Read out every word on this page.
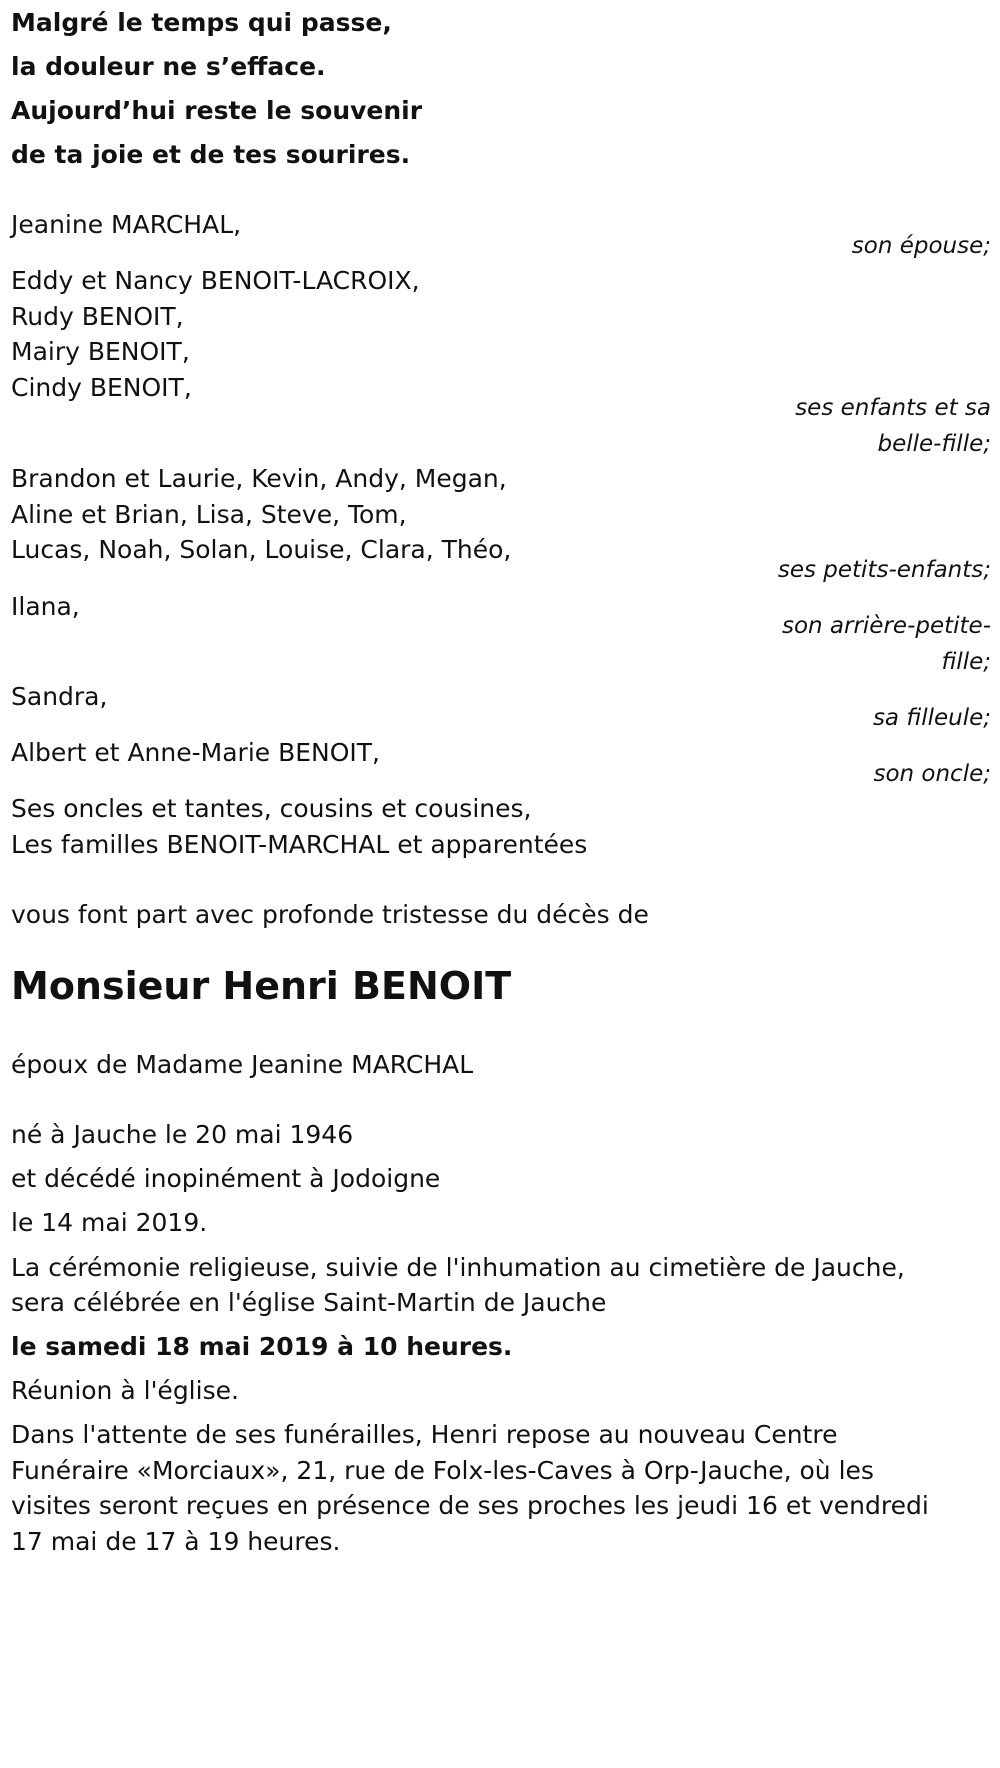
Malgré le temps qui passe,
la douleur ne s’efface.
Aujourd’hui reste le souvenir
de ta joie et de tes sourires.
Jeanine MARCHAL,
son épouse;
Eddy et Nancy BENOIT-LACROIX,
Rudy BENOIT,
Mairy BENOIT,
Cindy BENOIT,
ses enfants et sa
belle-fille;
Brandon et Laurie, Kevin, Andy, Megan,
Aline et Brian, Lisa, Steve, Tom,
Lucas, Noah, Solan, Louise, Clara, Théo,
ses petits-enfants;
Ilana,
son arrière-petite-
fille;
Sandra,
sa filleule;
Albert et Anne-Marie BENOIT,
son oncle;
Ses oncles et tantes, cousins et cousines,
Les familles BENOIT-MARCHAL et apparentées
vous font part avec profonde tristesse du décès de
Monsieur Henri BENOIT
époux de Madame Jeanine MARCHAL
né à Jauche le 20 mai 1946
et décédé inopinément à Jodoigne
le 14 mai 2019.
La cérémonie religieuse, suivie de l'inhumation au cimetière de Jauche,
sera célébrée en l'église Saint-Martin de Jauche
le samedi 18 mai 2019 à 10 heures.
Réunion à l'église.
Dans l'attente de ses funérailles, Henri repose au nouveau Centre
Funéraire «Morciaux», 21, rue de Folx-les-Caves à Orp-Jauche, où les
visites seront reçues en présence de ses proches les jeudi 16 et vendredi
17 mai de 17 à 19 heures.
